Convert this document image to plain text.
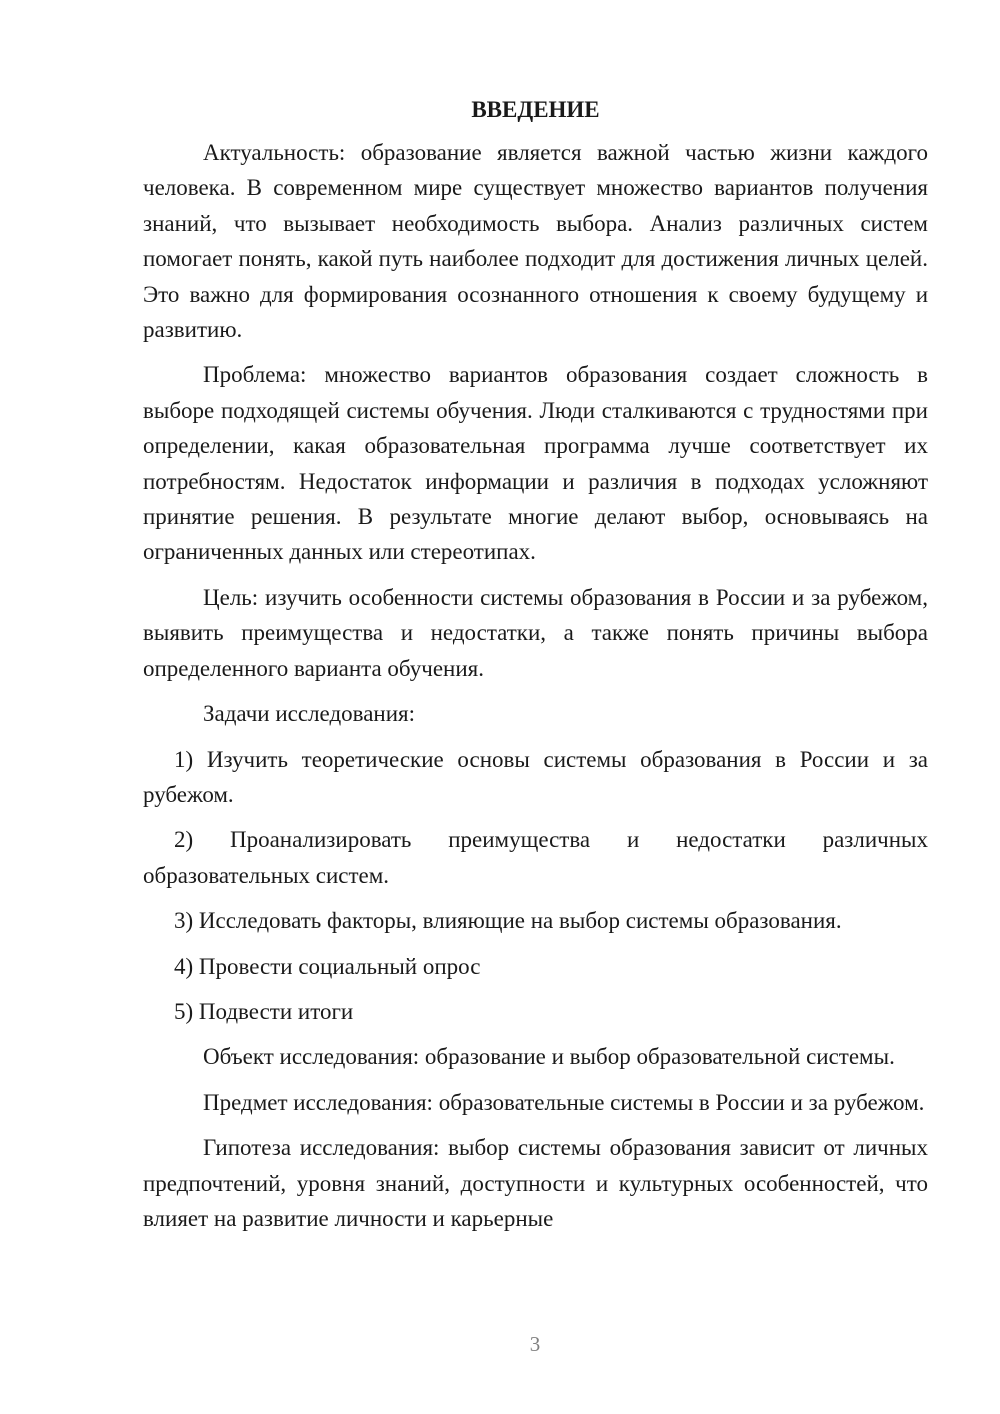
ВВЕДЕНИЕ

Актуальность: образование является важной частью жизни каждого человека. В современном мире существует множество вариантов получения знаний, что вызывает необходимость выбора. Анализ различных систем помогает понять, какой путь наиболее подходит для достижения личных целей. Это важно для формирования осознанного отношения к своему будущему и развитию.

Проблема: множество вариантов образования создает сложность в выборе подходящей системы обучения. Люди сталкиваются с трудностями при определении, какая образовательная программа лучше соответствует их потребностям. Недостаток информации и различия в подходах усложняют принятие решения. В результате многие делают выбор, основываясь на ограниченных данных или стереотипах.

Цель: изучить особенности системы образования в России и за рубежом, выявить преимущества и недостатки, а также понять причины выбора определенного варианта обучения.

Задачи исследования:

1) Изучить теоретические основы системы образования в России и за рубежом.

2) Проанализировать преимущества и недостатки различных образовательных систем.

3) Исследовать факторы, влияющие на выбор системы образования.

4) Провести социальный опрос

5) Подвести итоги

Объект исследования: образование и выбор образовательной системы.

Предмет исследования: образовательные системы в России и за рубежом.

Гипотеза исследования: выбор системы образования зависит от личных предпочтений, уровня знаний, доступности и культурных особенностей, что влияет на развитие личности и карьерные

3
